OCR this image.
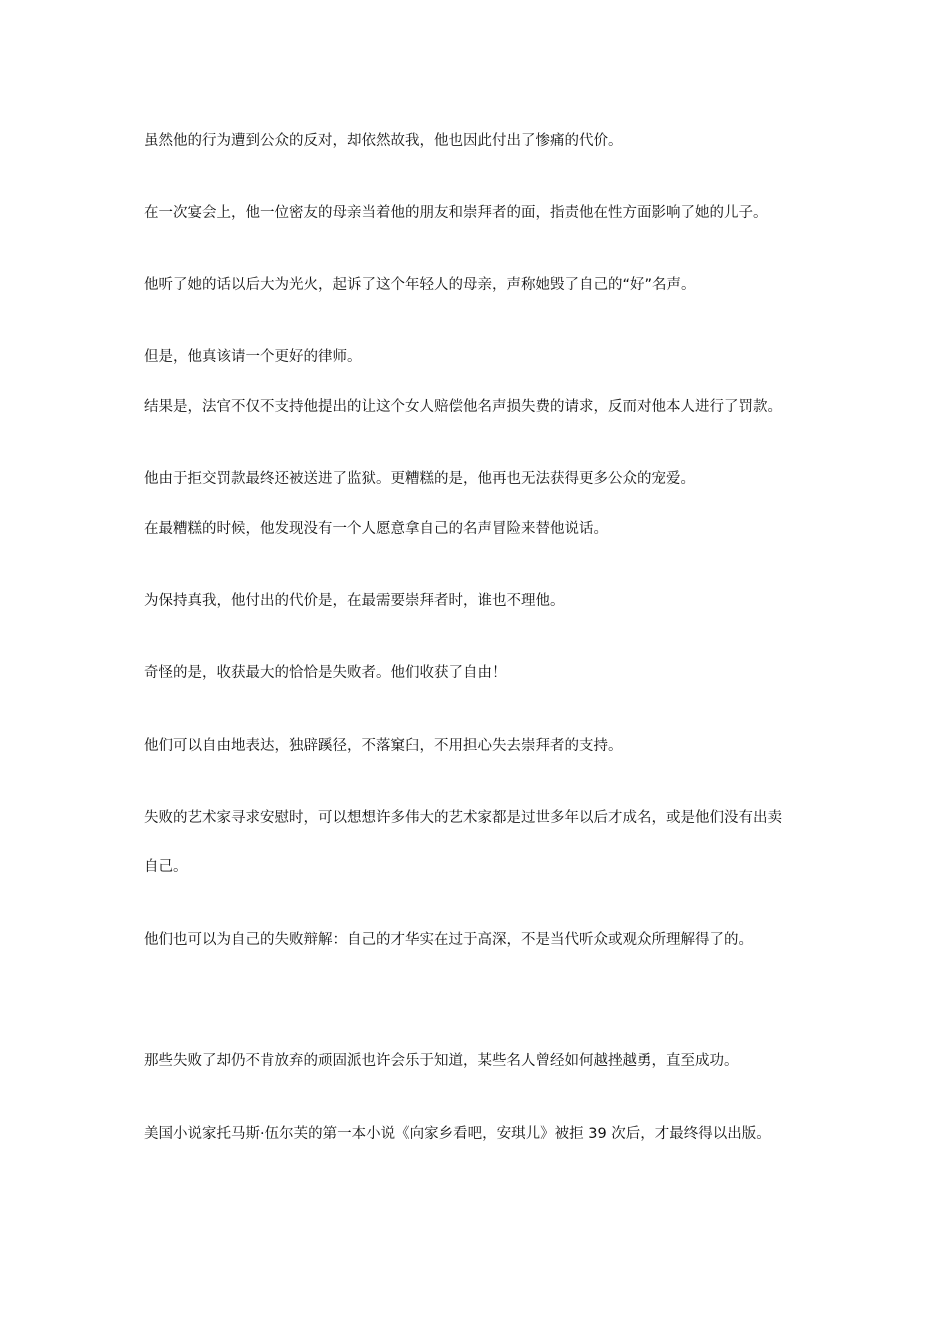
虽然他的行为遭到公众的反对，却依然故我，他也因此付出了惨痛的代价。

在一次宴会上，他一位密友的母亲当着他的朋友和崇拜者的面，指责他在性方面影响了她的儿子。

他听了她的话以后大为光火，起诉了这个年轻人的母亲，声称她毁了自己的“好”名声。

但是，他真该请一个更好的律师。

结果是，法官不仅不支持他提出的让这个女人赔偿他名声损失费的请求，反而对他本人进行了罚款。

他由于拒交罚款最终还被送进了监狱。更糟糕的是，他再也无法获得更多公众的宠爱。

在最糟糕的时候，他发现没有一个人愿意拿自己的名声冒险来替他说话。

为保持真我，他付出的代价是，在最需要崇拜者时，谁也不理他。

奇怪的是，收获最大的恰恰是失败者。他们收获了自由！

他们可以自由地表达，独辟蹊径，不落窠臼，不用担心失去崇拜者的支持。

失败的艺术家寻求安慰时，可以想想许多伟大的艺术家都是过世多年以后才成名，或是他们没有出卖

自己。

他们也可以为自己的失败辩解：自己的才华实在过于高深，不是当代听众或观众所理解得了的。

那些失败了却仍不肯放弃的顽固派也许会乐于知道，某些名人曾经如何越挫越勇，直至成功。

美国小说家托马斯·伍尔芙的第一本小说《向家乡看吧，安琪儿》被拒 39 次后，才最终得以出版。
